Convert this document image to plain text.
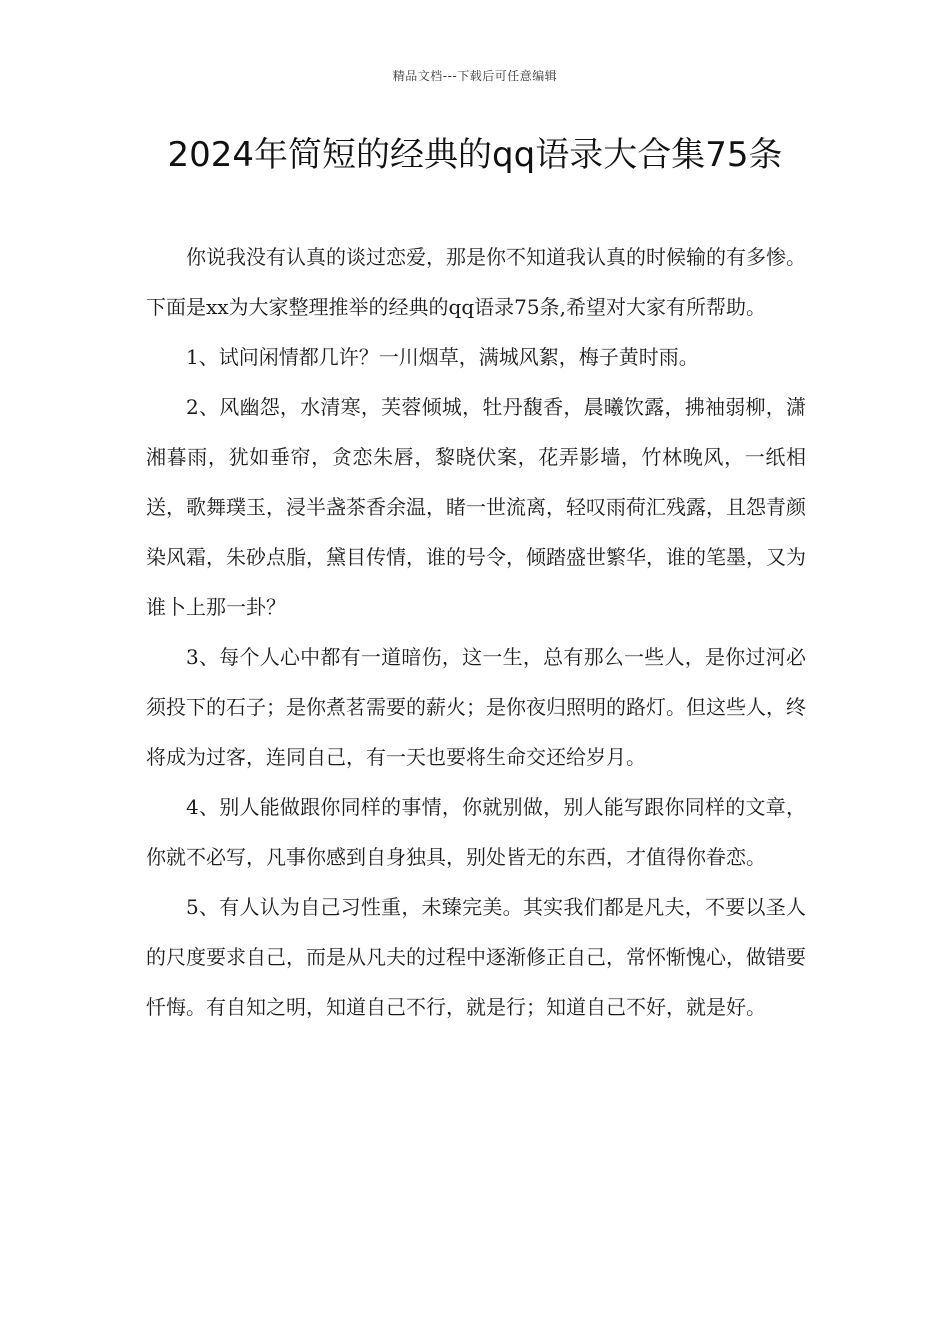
精品文档---下载后可任意编辑
2024年简短的经典的qq语录大合集75条

你说我没有认真的谈过恋爱，那是你不知道我认真的时候输的有多惨。下面是xx为大家整理推举的经典的qq语录75条,希望对大家有所帮助。

1、试问闲情都几许？一川烟草，满城风絮，梅子黄时雨。

2、风幽怨，水清寒，芙蓉倾城，牡丹馥香，晨曦饮露，拂袖弱柳，潇湘暮雨，犹如垂帘，贪恋朱唇，黎晓伏案，花弄影墙，竹林晚风，一纸相送，歌舞璞玉，浸半盏茶香余温，睹一世流离，轻叹雨荷汇残露，且怨青颜染风霜，朱砂点脂，黛目传情，谁的号令，倾踏盛世繁华，谁的笔墨，又为谁卜上那一卦？

3、每个人心中都有一道暗伤，这一生，总有那么一些人，是你过河必须投下的石子；是你煮茗需要的薪火；是你夜归照明的路灯。但这些人，终将成为过客，连同自己，有一天也要将生命交还给岁月。

4、别人能做跟你同样的事情，你就别做，别人能写跟你同样的文章，你就不必写，凡事你感到自身独具，别处皆无的东西，才值得你眷恋。

5、有人认为自己习性重，未臻完美。其实我们都是凡夫，不要以圣人的尺度要求自己，而是从凡夫的过程中逐渐修正自己，常怀惭愧心，做错要忏悔。有自知之明，知道自己不行，就是行；知道自己不好，就是好。
